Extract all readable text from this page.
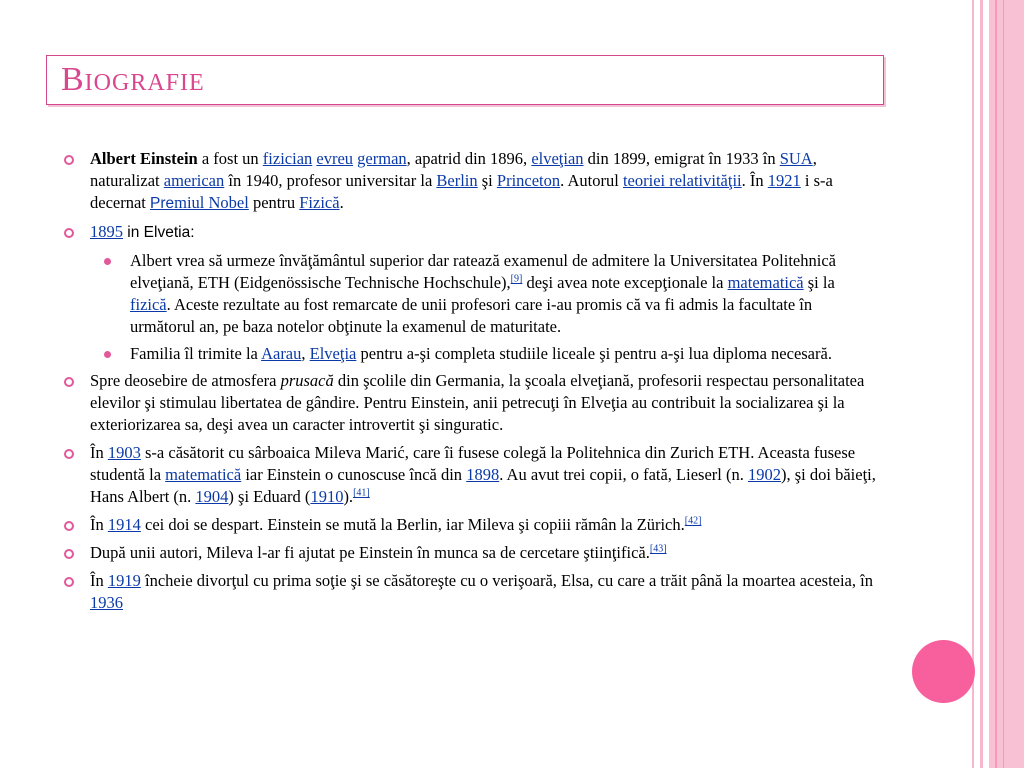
Biografie
Albert Einstein a fost un fizician evreu german, apatrid din 1896, elveţian din 1899, emigrat în 1933 în SUA, naturalizat american în 1940, profesor universitar la Berlin şi Princeton. Autorul teoriei relativităţii. În 1921 i s-a decernat Premiul Nobel pentru Fizică.
1895 in Elvetia:
Albert vrea să urmeze învăţământul superior dar ratează examenul de admitere la Universitatea Politehnică elveţiană, ETH (Eidgenössische Technische Hochschule),[9] deşi avea note excepţionale la matematică şi la fizică. Aceste rezultate au fost remarcate de unii profesori care i-au promis că va fi admis la facultate în următorul an, pe baza notelor obţinute la examenul de maturitate.
Familia îl trimite la Aarau, Elveţia pentru a-şi completa studiile liceale şi pentru a-şi lua diploma necesară.
Spre deosebire de atmosfera prusacă din şcolile din Germania, la şcoala elveţiană, profesorii respectau personalitatea elevilor şi stimulau libertatea de gândire. Pentru Einstein, anii petrecuţi în Elveţia au contribuit la socializarea şi la exteriorizarea sa, deşi avea un caracter introvertit şi singuratic.
În 1903 s-a căsătorit cu sârboaica Mileva Marić, care îi fusese colegă la Politehnica din Zurich ETH. Aceasta fusese studentă la matematică iar Einstein o cunoscuse încă din 1898. Au avut trei copii, o fată, Lieserl (n. 1902), şi doi băieţi, Hans Albert (n. 1904) şi Eduard (1910).[41]
În 1914 cei doi se despart. Einstein se mută la Berlin, iar Mileva şi copiii rămân la Zürich.[42]
După unii autori, Mileva l-ar fi ajutat pe Einstein în munca sa de cercetare ştiinţifică.[43]
În 1919 încheie divorţul cu prima soţie şi se căsătoreşte cu o verişoară, Elsa, cu care a trăit până la moartea acesteia, în 1936
